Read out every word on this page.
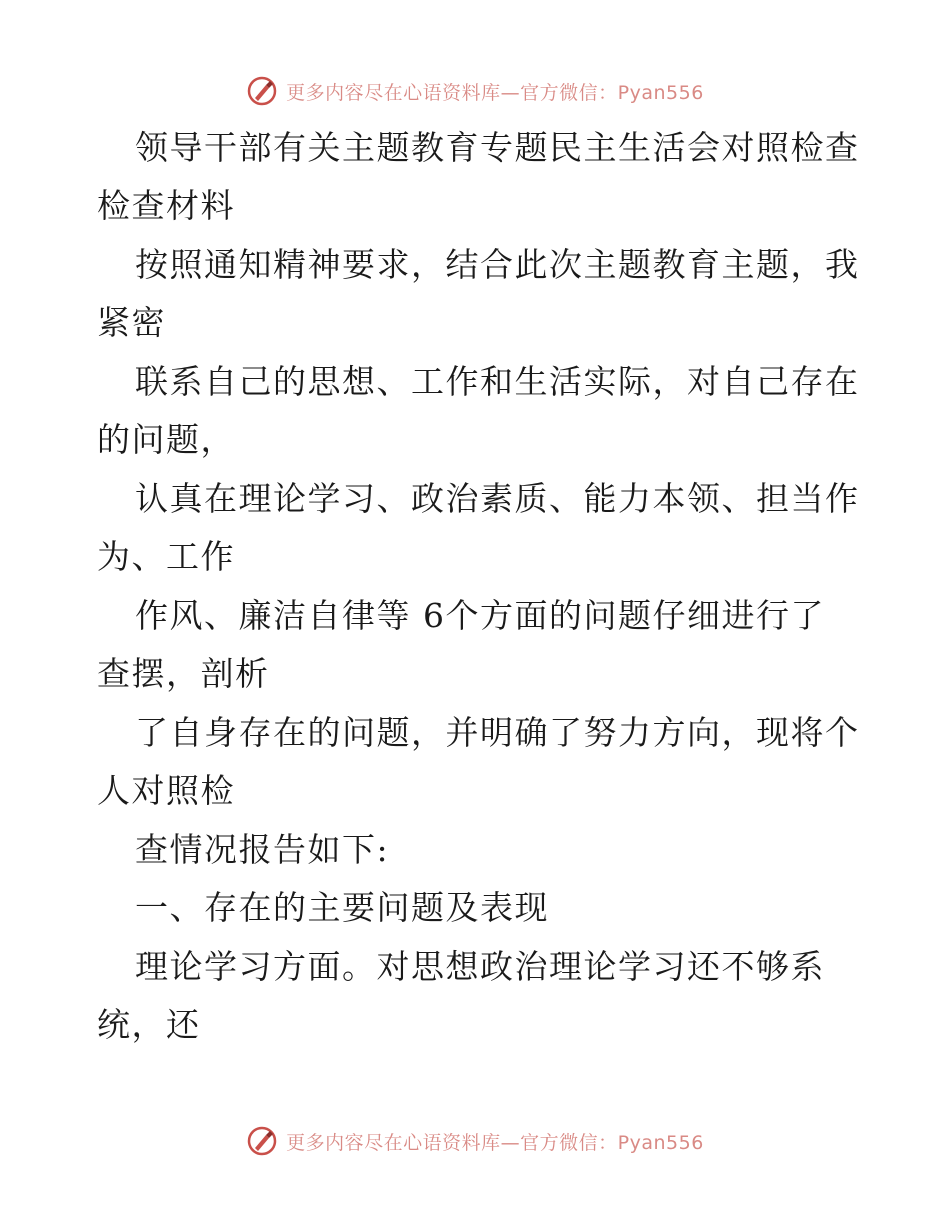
更多内容尽在心语资料库—官方微信：Pyan556
领导干部有关主题教育专题民主生活会对照检查
检查材料
按照通知精神要求，结合此次主题教育主题，我
紧密
联系自己的思想、工作和生活实际，对自己存在
的问题，
认真在理论学习、政治素质、能力本领、担当作
为、工作
作风、廉洁自律等 6个方面的问题仔细进行了
查摆，剖析
了自身存在的问题，并明确了努力方向，现将个
人对照检
查情况报告如下:
一、存在的主要问题及表现
理论学习方面。对思想政治理论学习还不够系
统，还
更多内容尽在心语资料库—官方微信：Pyan556
